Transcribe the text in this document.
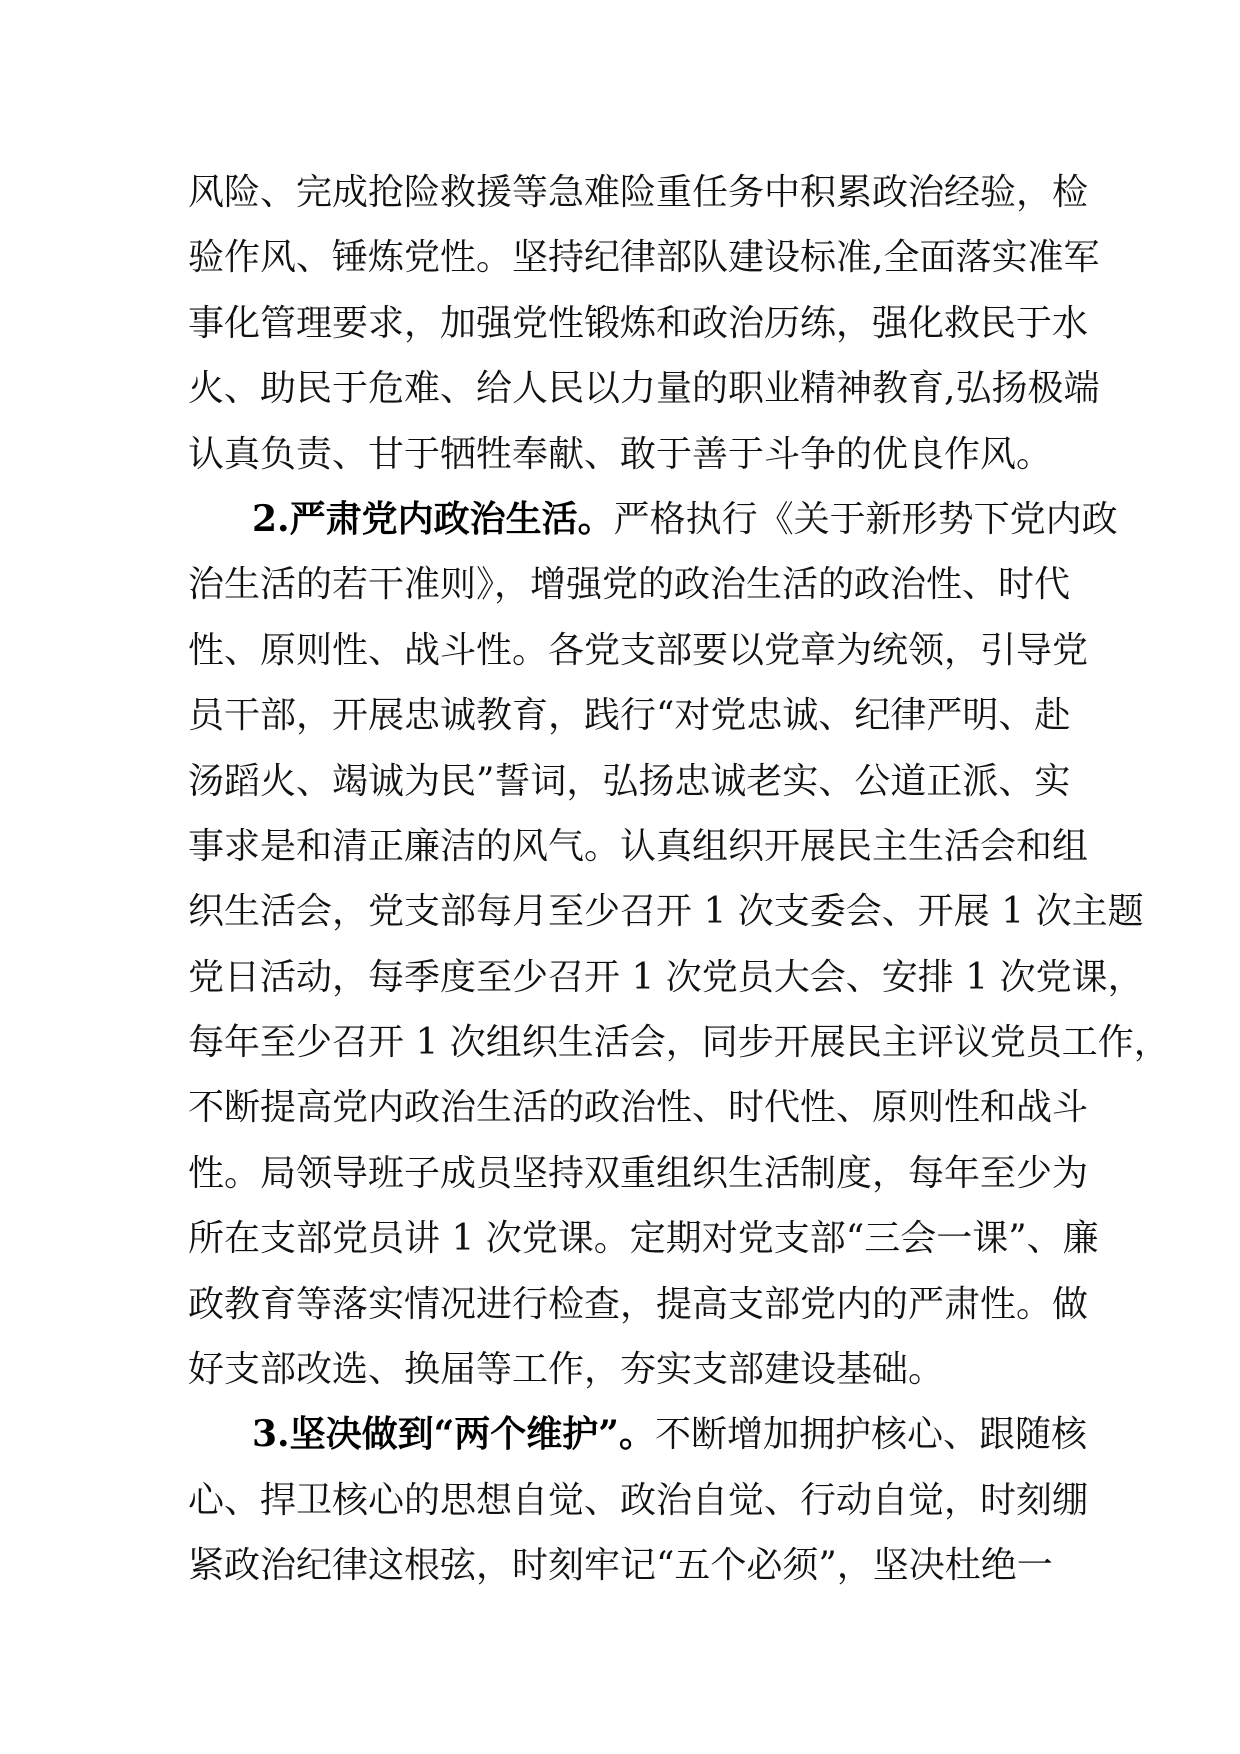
风险、完成抢险救援等急难险重任务中积累政治经验，检
验作风、锤炼党性。坚持纪律部队建设标准,全面落实准军
事化管理要求，加强党性锻炼和政治历练，强化救民于水
火、助民于危难、给人民以力量的职业精神教育,弘扬极端
认真负责、甘于牺牲奉献、敢于善于斗争的优良作风。
2.严肃党内政治生活。严格执行《关于新形势下党内政
治生活的若干准则》，增强党的政治生活的政治性、时代
性、原则性、战斗性。各党支部要以党章为统领，引导党
员干部，开展忠诚教育，践行“对党忠诚、纪律严明、赴
汤蹈火、竭诚为民”誓词，弘扬忠诚老实、公道正派、实
事求是和清正廉洁的风气。认真组织开展民主生活会和组
织生活会，党支部每月至少召开 1 次支委会、开展 1 次主题
党日活动，每季度至少召开 1 次党员大会、安排 1 次党课，
每年至少召开 1 次组织生活会，同步开展民主评议党员工作，
不断提高党内政治生活的政治性、时代性、原则性和战斗
性。局领导班子成员坚持双重组织生活制度，每年至少为
所在支部党员讲 1 次党课。定期对党支部“三会一课”、廉
政教育等落实情况进行检查，提高支部党内的严肃性。做
好支部改选、换届等工作，夯实支部建设基础。
3.坚决做到“两个维护”。不断增加拥护核心、跟随核
心、捍卫核心的思想自觉、政治自觉、行动自觉，时刻绷
紧政治纪律这根弦，时刻牢记“五个必须”，坚决杜绝一
